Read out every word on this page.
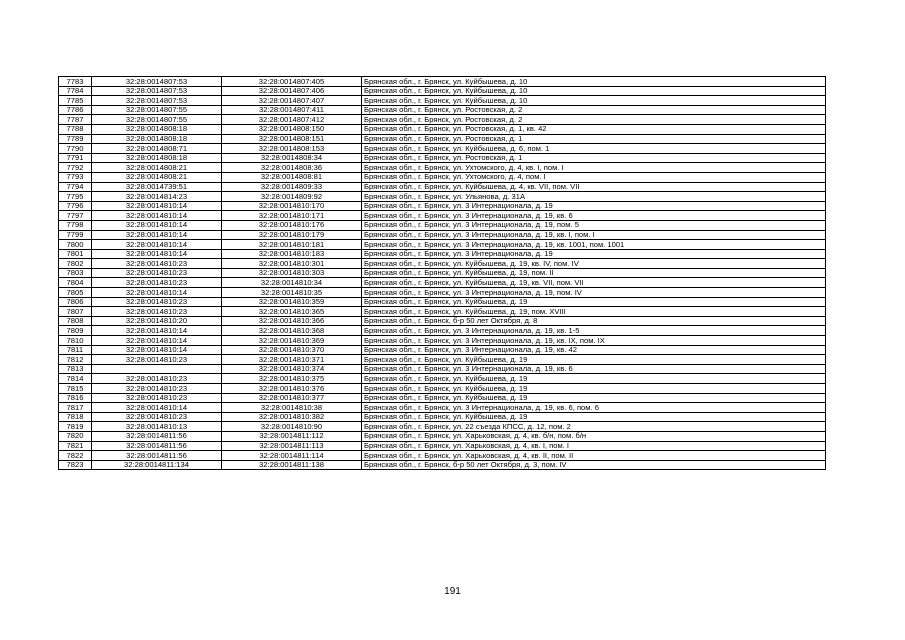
7783	32:28:0014807:53	32:28:0014807:405	Брянская обл., г. Брянск, ул. Куйбышева, д. 10
7784	32:28:0014807:53	32:28:0014807:406	Брянская обл., г. Брянск, ул. Куйбышева, д. 10
7785	32:28:0014807:53	32:28:0014807:407	Брянская обл., г. Брянск, ул. Куйбышева, д. 10
7786	32:28:0014807:55	32:28:0014807:411	Брянская обл., г. Брянск, ул. Ростовская, д. 2
7787	32:28:0014807:55	32:28:0014807:412	Брянская обл., г. Брянск, ул. Ростовская, д. 2
7788	32:28:0014808:18	32:28:0014808:150	Брянская обл., г. Брянск, ул. Ростовская, д. 1, кв. 42
7789	32:28:0014808:18	32:28:0014808:151	Брянская обл., г. Брянск, ул. Ростовская, д. 1
7790	32:28:0014808:71	32:28:0014808:153	Брянская обл., г. Брянск, ул. Куйбышева, д. 6, пом. 1
7791	32:28:0014808:18	32:28:0014808:34	Брянская обл., г. Брянск, ул. Ростовская, д. 1
7792	32:28:0014808:21	32:28:0014808:36	Брянская обл., г. Брянск, ул. Ухтомского, д. 4, кв. I, пом. I
7793	32:28:0014808:21	32:28:0014808:81	Брянская обл., г. Брянск, ул. Ухтомского, д. 4, пом. I
7794	32:28:0014739:51	32:28:0014809:33	Брянская обл., г. Брянск, ул. Куйбышева, д. 4, кв. VII, пом. VII
7795	32:28:0014814:23	32:28:0014809:92	Брянская обл., г. Брянск, ул. Ульянова, д. 31А
7796	32:28:0014810:14	32:28:0014810:170	Брянская обл., г. Брянск, ул. 3 Интернационала, д. 19
7797	32:28:0014810:14	32:28:0014810:171	Брянская обл., г. Брянск, ул. 3 Интернационала, д. 19, кв. 6
7798	32:28:0014810:14	32:28:0014810:176	Брянская обл., г. Брянск, ул. 3 Интернационала, д. 19, пом. 5
7799	32:28:0014810:14	32:28:0014810:179	Брянская обл., г. Брянск, ул. 3 Интернационала, д. 19, кв. I, пом. I
7800	32:28:0014810:14	32:28:0014810:181	Брянская обл., г. Брянск, ул. 3 Интернационала, д. 19, кв. 1001, пом. 1001
7801	32:28:0014810:14	32:28:0014810:183	Брянская обл., г. Брянск, ул. 3 Интернационала, д. 19
7802	32:28:0014810:23	32:28:0014810:301	Брянская обл., г. Брянск, ул. Куйбышева, д. 19, кв. IV, пом. IV
7803	32:28:0014810:23	32:28:0014810:303	Брянская обл., г. Брянск, ул. Куйбышева, д. 19, пом. II
7804	32:28:0014810:23	32:28:0014810:34	Брянская обл., г. Брянск, ул. Куйбышева, д. 19, кв. VII, пом. VII
7805	32:28:0014810:14	32:28:0014810:35	Брянская обл., г. Брянск, ул. 3 Интернационала, д. 19, пом. IV
7806	32:28:0014810:23	32:28:0014810:359	Брянская обл., г. Брянск, ул. Куйбышева, д. 19
7807	32:28:0014810:23	32:28:0014810:365	Брянская обл., г. Брянск, ул. Куйбышева, д. 19, пом. XVIII
7808	32:28:0014810:20	32:28:0014810:366	Брянская обл., г. Брянск, б-р 50 лет Октября, д. 8
7809	32:28:0014810:14	32:28:0014810:368	Брянская обл., г. Брянск, ул. 3 Интернационала, д. 19, кв. 1-5
7810	32:28:0014810:14	32:28:0014810:369	Брянская обл., г. Брянск, ул. 3 Интернационала, д. 19, кв. IX, пом. IX
7811	32:28:0014810:14	32:28:0014810:370	Брянская обл., г. Брянск, ул. 3 Интернационала, д. 19, кв. 42
7812	32:28:0014810:23	32:28:0014810:371	Брянская обл., г. Брянск, ул. Куйбышева, д. 19
7813		32:28:0014810:374	Брянская обл., г. Брянск, ул. 3 Интернационала, д. 19, кв. 6
7814	32:28:0014810:23	32:28:0014810:375	Брянская обл., г. Брянск, ул. Куйбышева, д. 19
7815	32:28:0014810:23	32:28:0014810:376	Брянская обл., г. Брянск, ул. Куйбышева, д. 19
7816	32:28:0014810:23	32:28:0014810:377	Брянская обл., г. Брянск, ул. Куйбышева, д. 19
7817	32:28:0014810:14	32:28:0014810:38	Брянская обл., г. Брянск, ул. 3 Интернационала, д. 19, кв. 6, пом. 6
7818	32:28:0014810:23	32:28:0014810:382	Брянская обл., г. Брянск, ул. Куйбышева, д. 19
7819	32:28:0014810:13	32:28:0014810:90	Брянская обл., г. Брянск, ул. 22 съезда КПСС, д. 12, пом. 2
7820	32:28:0014811:56	32:28:0014811:112	Брянская обл., г. Брянск, ул. Харьковская, д. 4, кв. б/н, пом. б/н
7821	32:28:0014811:56	32:28:0014811:113	Брянская обл., г. Брянск, ул. Харьковская, д. 4, кв. I, пом. I
7822	32:28:0014811:56	32:28:0014811:114	Брянская обл., г. Брянск, ул. Харьковская, д. 4, кв. II, пом. II
7823	32:28:0014811:134	32:28:0014811:138	Брянская обл., г. Брянск, б-р 50 лет Октября, д. 3, пом. IV
191
